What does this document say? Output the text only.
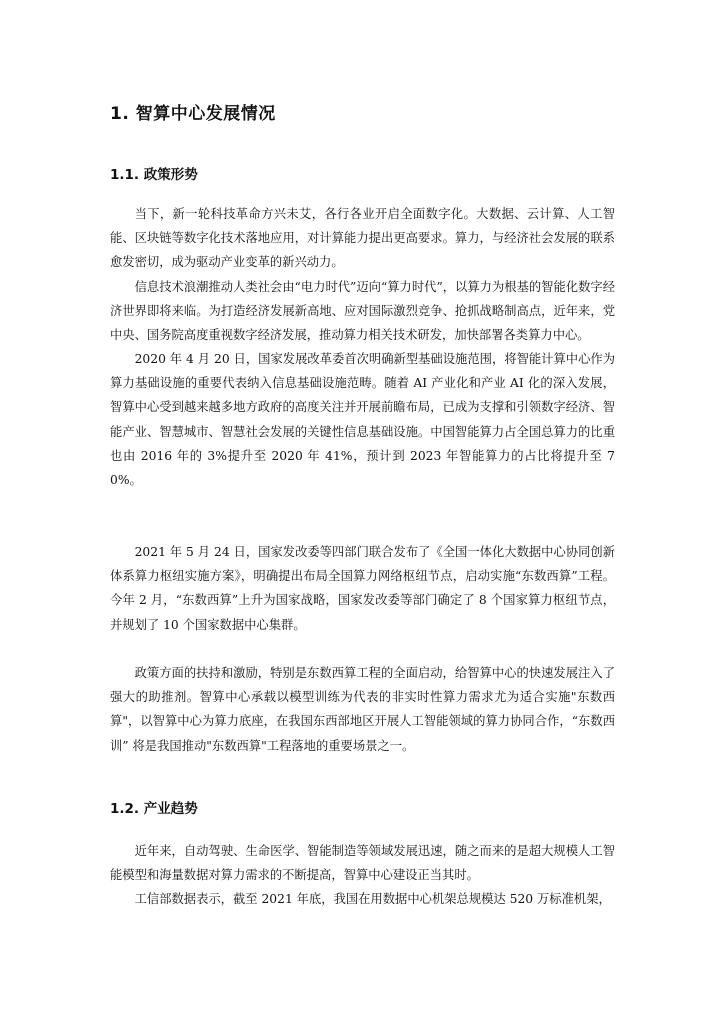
1. 智算中心发展情况
1.1. 政策形势

当下，新一轮科技革命方兴未艾，各行各业开启全面数字化。大数据、云计算、人工智能、区块链等数字化技术落地应用，对计算能力提出更高要求。算力，与经济社会发展的联系愈发密切，成为驱动产业变革的新兴动力。

信息技术浪潮推动人类社会由“电力时代”迈向“算力时代”，以算力为根基的智能化数字经济世界即将来临。为打造经济发展新高地、应对国际激烈竞争、抢抓战略制高点，近年来，党中央、国务院高度重视数字经济发展，推动算力相关技术研发，加快部署各类算力中心。

2020 年 4 月 20 日，国家发展改革委首次明确新型基础设施范围，将智能计算中心作为算力基础设施的重要代表纳入信息基础设施范畴。随着 AI 产业化和产业 AI 化的深入发展，智算中心受到越来越多地方政府的高度关注并开展前瞻布局，已成为支撑和引领数字经济、智能产业、智慧城市、智慧社会发展的关键性信息基础设施。中国智能算力占全国总算力的比重也由 2016 年的 3%提升至 2020 年 41%，预计到 2023 年智能算力的占比将提升至 70%。

2021 年 5 月 24 日，国家发改委等四部门联合发布了《全国一体化大数据中心协同创新体系算力枢纽实施方案》，明确提出布局全国算力网络枢纽节点，启动实施“东数西算”工程。今年 2 月，“东数西算”上升为国家战略，国家发改委等部门确定了 8 个国家算力枢纽节点，并规划了 10 个国家数据中心集群。

政策方面的扶持和激励，特别是东数西算工程的全面启动，给智算中心的快速发展注入了强大的助推剂。智算中心承载以模型训练为代表的非实时性算力需求尤为适合实施"东数西算"，以智算中心为算力底座，在我国东西部地区开展人工智能领域的算力协同合作，“东数西训” 将是我国推动"东数西算"工程落地的重要场景之一。

1.2. 产业趋势

近年来，自动驾驶、生命医学、智能制造等领域发展迅速，随之而来的是超大规模人工智能模型和海量数据对算力需求的不断提高，智算中心建设正当其时。

工信部数据表示，截至 2021 年底，我国在用数据中心机架总规模达 520 万标准机架，
